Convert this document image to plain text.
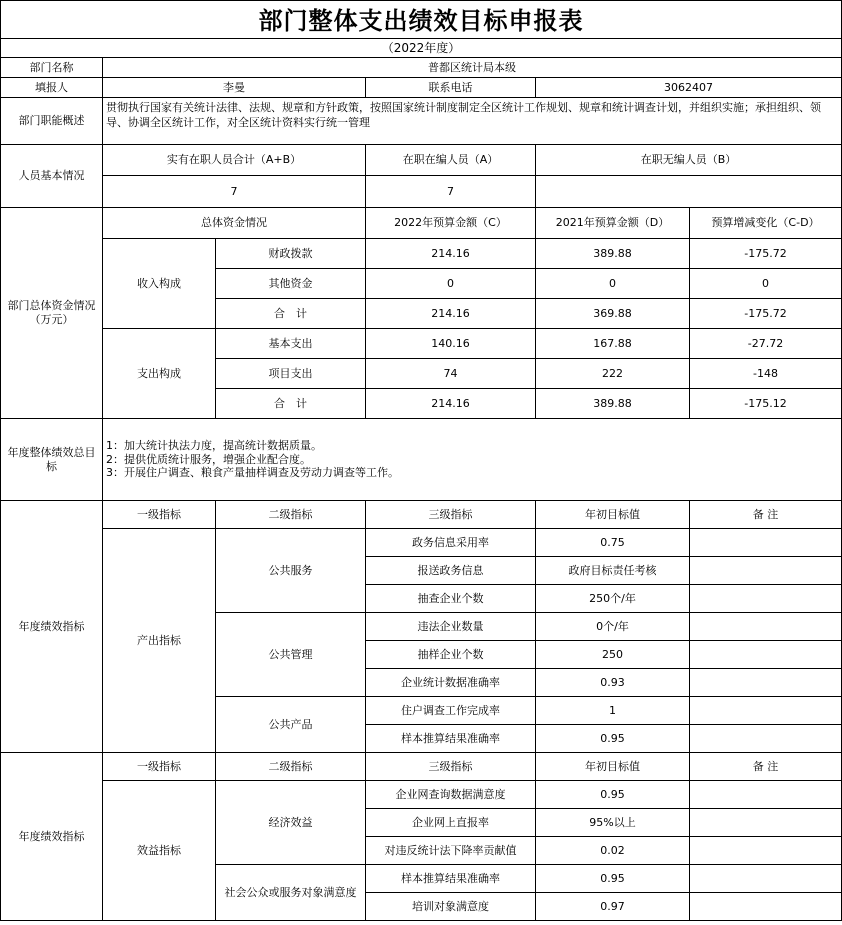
部门整体支出绩效目标申报表
（2022年度）					
部门名称	普都区统计局本级				
填报人	李曼		联系电话	3062407	
部门职能概述	贯彻执行国家有关统计法律、法规、规章和方针政策，按照国家统计制度制定全区统计工作规划、规章和统计调查计划，并组织实施；承担组织、领导、协调全区统计工作，对全区统计资料实行统一管理				
人员基本情况	实有在职人员合计（A+B）		在职在编人员（A）	在职无编人员（B）	
	7		7		
部门总体资金情况（万元）	总体资金情况		2022年预算金额（C）	2021年预算金额（D）	预算增减变化（C-D）
	收入构成	财政拨款	214.16	389.88	-175.72
		其他资金	0	0	0
		合　计	214.16	369.88	-175.72
	支出构成	基本支出	140.16	167.88	-27.72
		项目支出	74	222	-148
		合　计	214.16	389.88	-175.12
年度整体绩效总目标	1：加大统计执法力度，提高统计数据质量。
2：提供优质统计服务，增强企业配合度。
3：开展住户调查、粮食产量抽样调查及劳动力调查等工作。				

年度绩效指标	一级指标	二级指标	三级指标	年初目标值	备 注
	产出指标	公共服务	政务信息采用率	0.75	
			报送政务信息	政府目标责任考核	
			抽查企业个数	250个/年	
		公共管理	违法企业数量	0个/年	
			抽样企业个数	250	
			企业统计数据准确率	0.93	
		公共产品	住户调查工作完成率	1	
			样本推算结果准确率	0.95	
年度绩效指标	一级指标	二级指标	三级指标	年初目标值	备 注
	效益指标	经济效益	企业网查询数据满意度	0.95	
			企业网上直报率	95%以上	
			对违反统计法下降率贡献值	0.02	
		社会公众或服务对象满意度	样本推算结果准确率	0.95	
			培训对象满意度	0.97	
